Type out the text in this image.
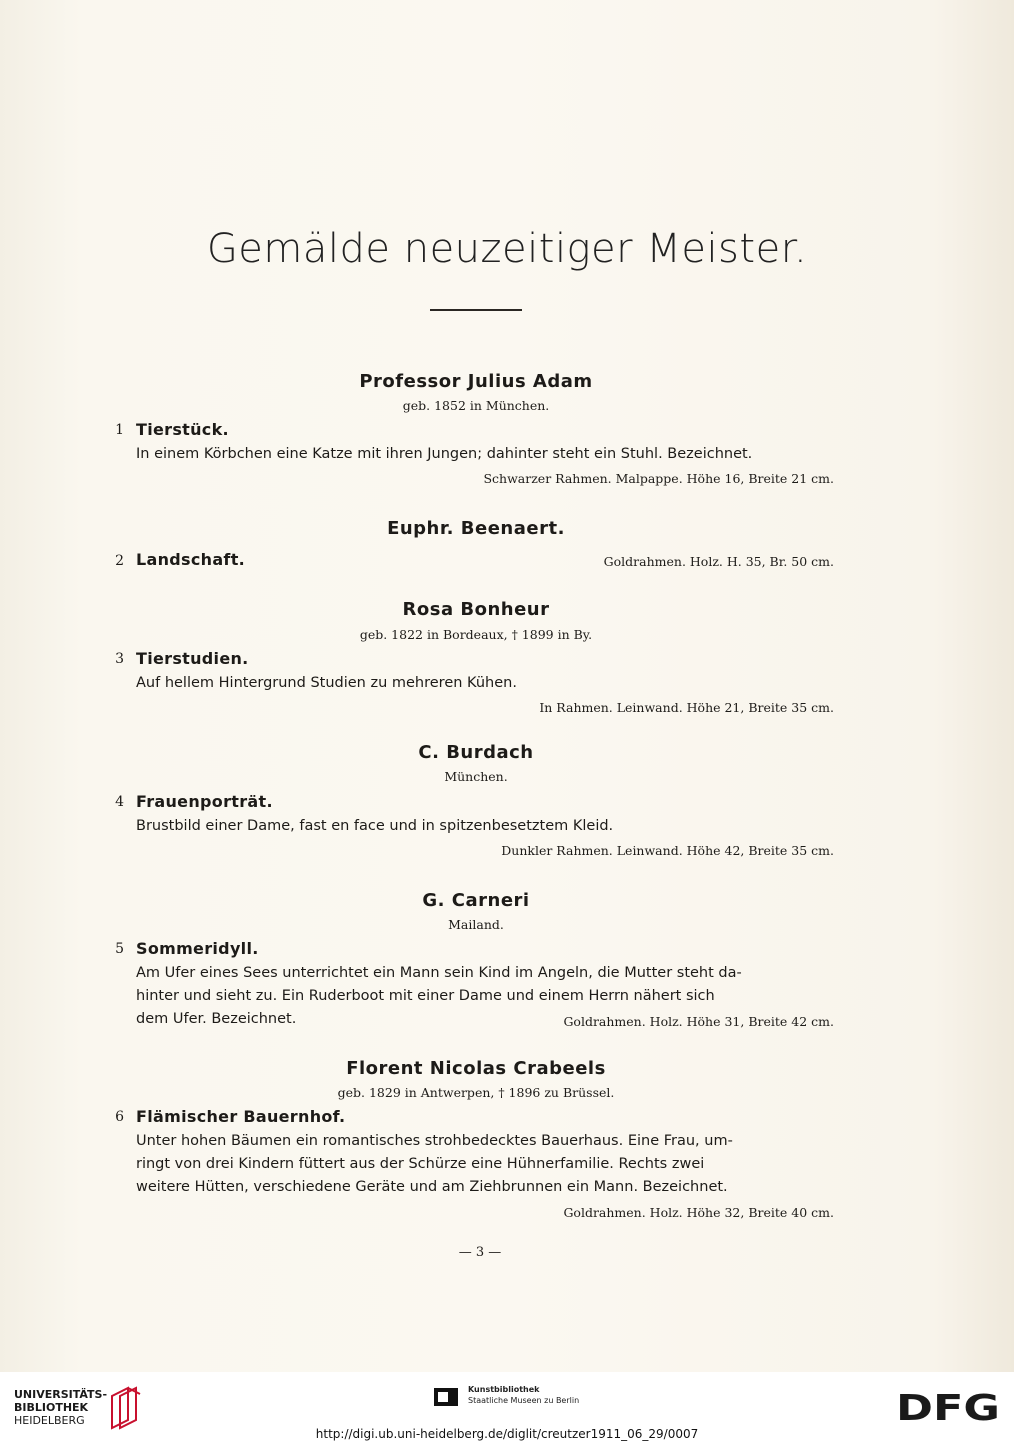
Gemälde neuzeitiger Meister.
Professor Julius Adam
geb. 1852 in München.
1 Tierstück.
In einem Körbchen eine Katze mit ihren Jungen; dahinter steht ein Stuhl. Bezeichnet.
Schwarzer Rahmen. Malpappe. Höhe 16, Breite 21 cm.
Euphr. Beenaert.
2 Landschaft.	Goldrahmen. Holz. H. 35, Br. 50 cm.
Rosa Bonheur
geb. 1822 in Bordeaux, † 1899 in By.
3 Tierstudien.
Auf hellem Hintergrund Studien zu mehreren Kühen.
In Rahmen. Leinwand. Höhe 21, Breite 35 cm.
C. Burdach
München.
4 Frauenporträt.
Brustbild einer Dame, fast en face und in spitzenbesetztem Kleid.
Dunkler Rahmen. Leinwand. Höhe 42, Breite 35 cm.
G. Carneri
Mailand.
5 Sommeridyll.
Am Ufer eines Sees unterrichtet ein Mann sein Kind im Angeln, die Mutter steht da-
hinter und sieht zu. Ein Ruderboot mit einer Dame und einem Herrn nähert sich
dem Ufer. Bezeichnet.	Goldrahmen. Holz. Höhe 31, Breite 42 cm.
Florent Nicolas Crabeels
geb. 1829 in Antwerpen, † 1896 zu Brüssel.
6 Flämischer Bauernhof.
Unter hohen Bäumen ein romantisches strohbedecktes Bauerhaus. Eine Frau, um-
ringt von drei Kindern füttert aus der Schürze eine Hühnerfamilie. Rechts zwei
weitere Hütten, verschiedene Geräte und am Ziehbrunnen ein Mann. Bezeichnet.
Goldrahmen. Holz. Höhe 32, Breite 40 cm.
— 3 —
UNIVERSITÄTS-
BIBLIOTHEK
HEIDELBERG
Kunstbibliothek
Staatliche Museen zu Berlin	DFG
http://digi.ub.uni-heidelberg.de/diglit/creutzer1911_06_29/0007
